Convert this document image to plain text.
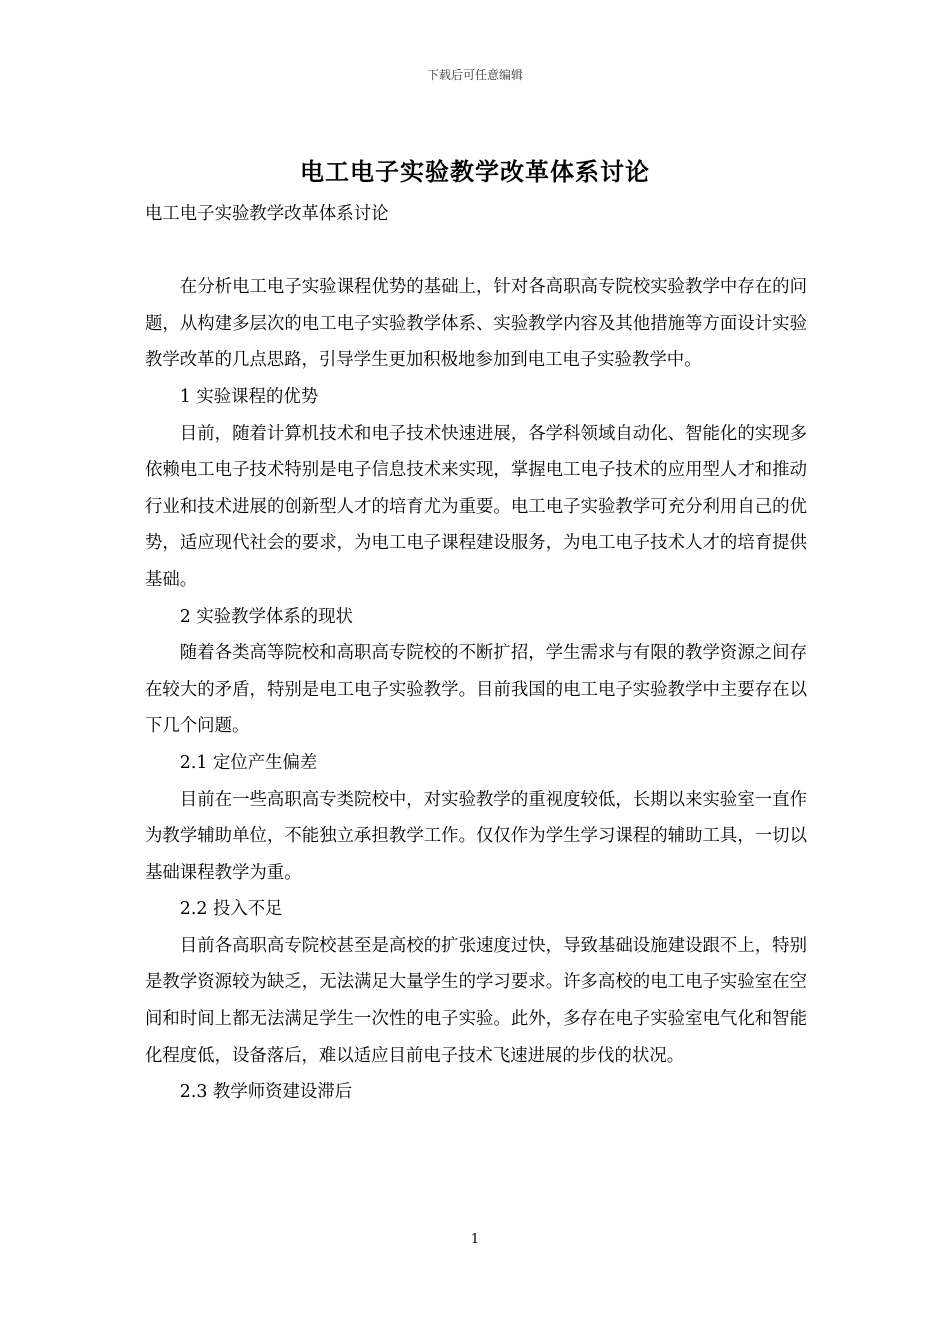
下载后可任意编辑
电工电子实验教学改革体系讨论

电工电子实验教学改革体系讨论

在分析电工电子实验课程优势的基础上，针对各高职高专院校实验教学中存在的问题，从构建多层次的电工电子实验教学体系、实验教学内容及其他措施等方面设计实验教学改革的几点思路，引导学生更加积极地参加到电工电子实验教学中。

1 实验课程的优势

目前，随着计算机技术和电子技术快速进展，各学科领域自动化、智能化的实现多依赖电工电子技术特别是电子信息技术来实现，掌握电工电子技术的应用型人才和推动行业和技术进展的创新型人才的培育尤为重要。电工电子实验教学可充分利用自己的优势，适应现代社会的要求，为电工电子课程建设服务，为电工电子技术人才的培育提供基础。

2 实验教学体系的现状

随着各类高等院校和高职高专院校的不断扩招，学生需求与有限的教学资源之间存在较大的矛盾，特别是电工电子实验教学。目前我国的电工电子实验教学中主要存在以下几个问题。

2.1 定位产生偏差

目前在一些高职高专类院校中，对实验教学的重视度较低，长期以来实验室一直作为教学辅助单位，不能独立承担教学工作。仅仅作为学生学习课程的辅助工具，一切以基础课程教学为重。

2.2 投入不足

目前各高职高专院校甚至是高校的扩张速度过快，导致基础设施建设跟不上，特别是教学资源较为缺乏，无法满足大量学生的学习要求。许多高校的电工电子实验室在空间和时间上都无法满足学生一次性的电子实验。此外，多存在电子实验室电气化和智能化程度低，设备落后，难以适应目前电子技术飞速进展的步伐的状况。

2.3 教学师资建设滞后

1
